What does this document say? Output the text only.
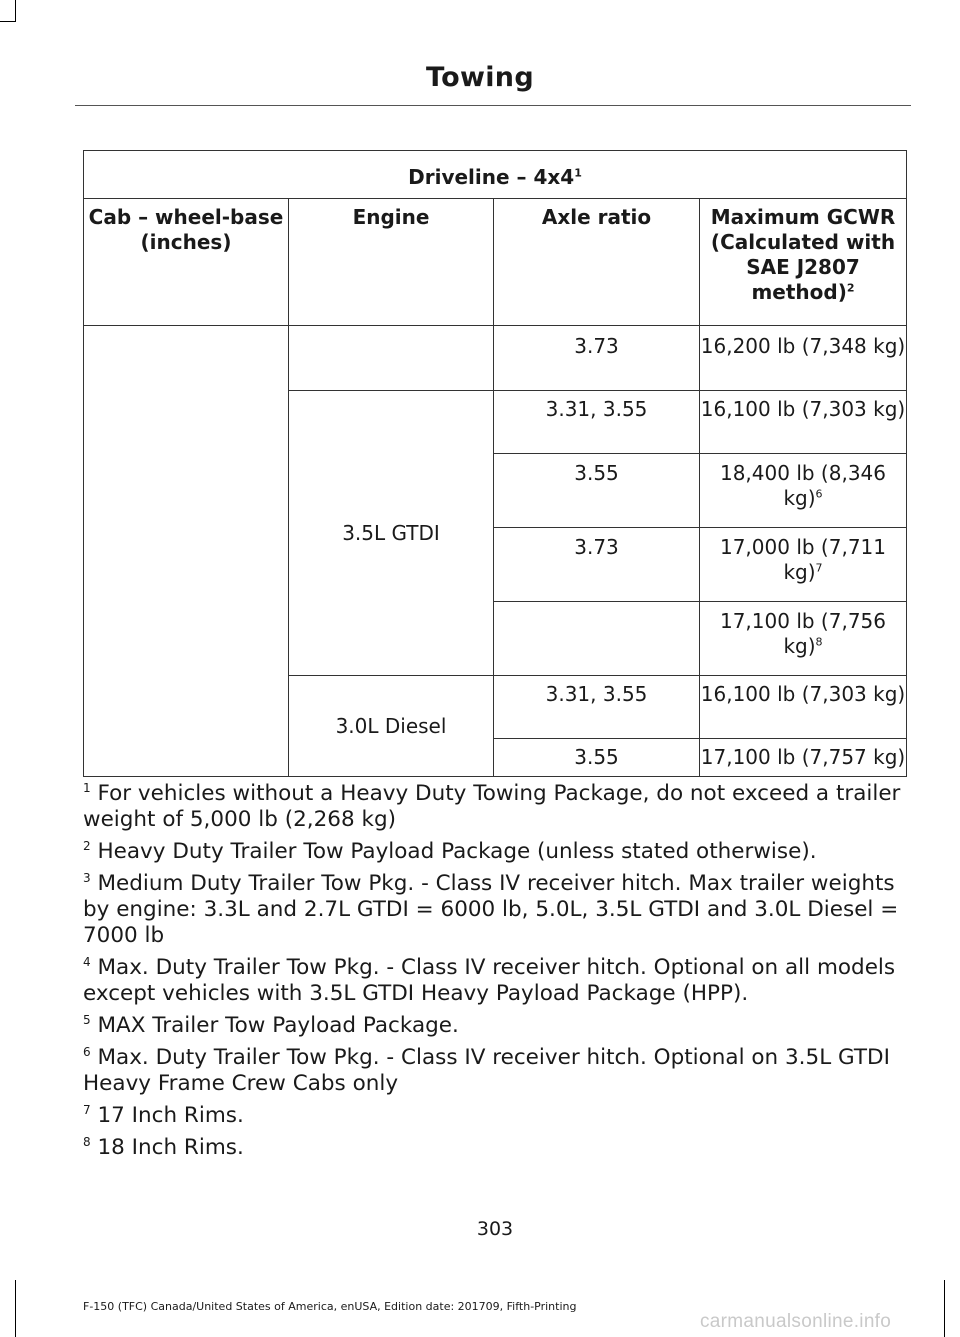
Towing
Driveline – $4x4^1$
Cab – wheel-base (inches)	Engine	Axle ratio	Maximum GCWR (Calculated with SAE J2807 method)$^2$
		3.73	16,200 lb (7,348 kg)
	3.5L GTDI	3.31, 3.55	16,100 lb (7,303 kg)
		3.55	18,400 lb (8,346 kg)$^6$
		3.73	17,000 lb (7,711 kg)$^7$
			17,100 lb (7,756 kg)$^8$
	3.0L Diesel	3.31, 3.55	16,100 lb (7,303 kg)
		3.55	17,100 lb (7,757 kg)

$^1$ For vehicles without a Heavy Duty Towing Package, do not exceed a trailer weight of 5,000 lb (2,268 kg)

$^2$ Heavy Duty Trailer Tow Payload Package (unless stated otherwise).

$^3$ Medium Duty Trailer Tow Pkg. - Class IV receiver hitch. Max trailer weights by engine: 3.3L and 2.7L GTDI = 6000 lb, 5.0L, 3.5L GTDI and 3.0L Diesel = 7000 lb

$^4$ Max. Duty Trailer Tow Pkg. - Class IV receiver hitch. Optional on all models except vehicles with 3.5L GTDI Heavy Payload Package (HPP).

$^5$ MAX Trailer Tow Payload Package.

$^6$ Max. Duty Trailer Tow Pkg. - Class IV receiver hitch. Optional on 3.5L GTDI Heavy Frame Crew Cabs only

$^7$ 17 Inch Rims.

$^8$ 18 Inch Rims.

303
F-150 (TFC) Canada/United States of America, enUSA, Edition date: 201709, Fifth-Printing
carmanualsonline.info
